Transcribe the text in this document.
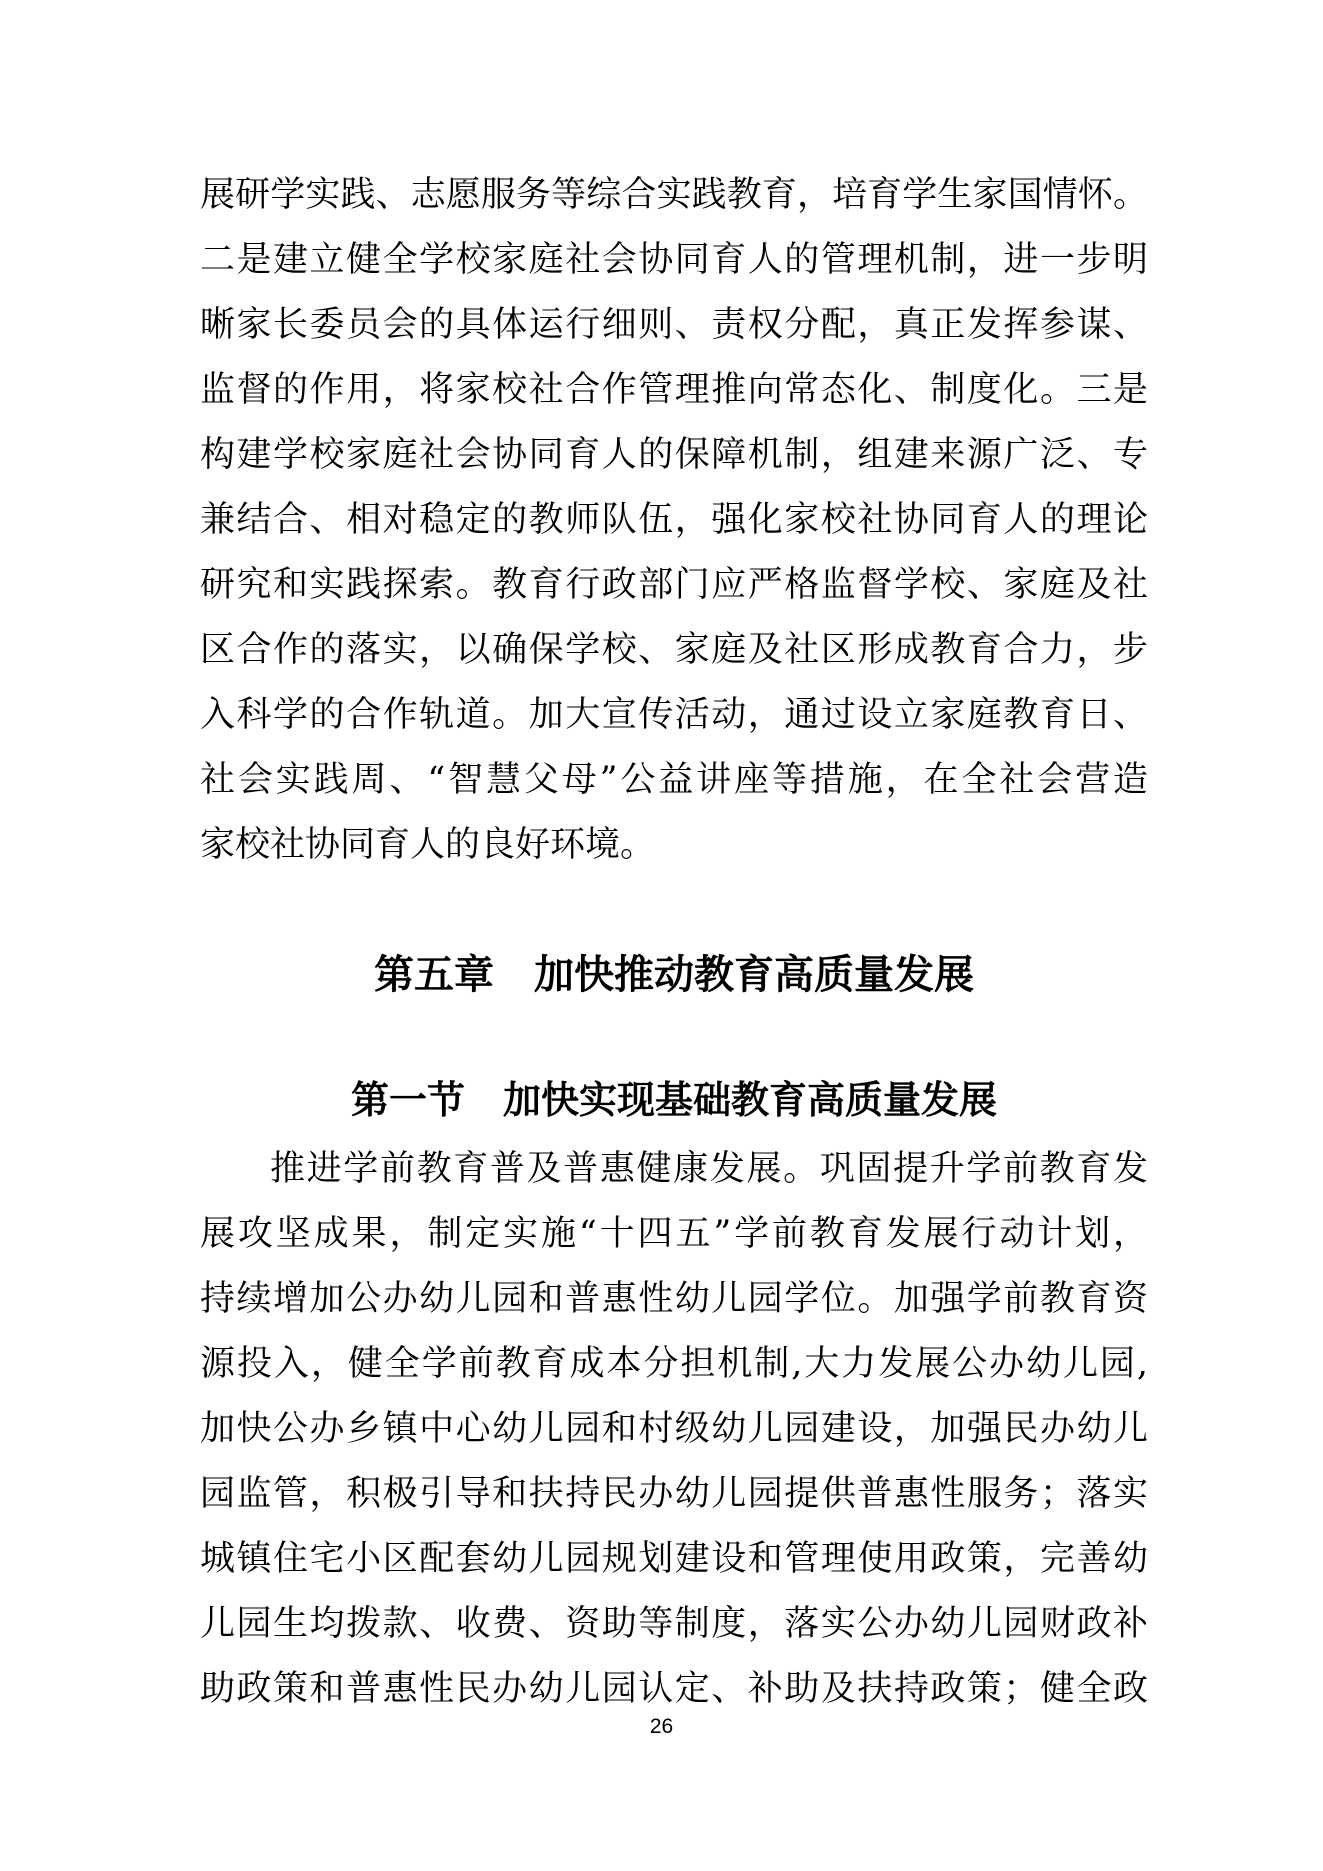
展研学实践、志愿服务等综合实践教育，培育学生家国情怀。
二是建立健全学校家庭社会协同育人的管理机制，进一步明
晰家长委员会的具体运行细则、责权分配，真正发挥参谋、
监督的作用，将家校社合作管理推向常态化、制度化。三是
构建学校家庭社会协同育人的保障机制，组建来源广泛、专
兼结合、相对稳定的教师队伍，强化家校社协同育人的理论
研究和实践探索。教育行政部门应严格监督学校、家庭及社
区合作的落实，以确保学校、家庭及社区形成教育合力，步
入科学的合作轨道。加大宣传活动，通过设立家庭教育日、
社会实践周、“智慧父母”公益讲座等措施，在全社会营造
家校社协同育人的良好环境。
第五章　加快推动教育高质量发展
第一节　加快实现基础教育高质量发展
推进学前教育普及普惠健康发展。巩固提升学前教育发
展攻坚成果，制定实施“十四五”学前教育发展行动计划，
持续增加公办幼儿园和普惠性幼儿园学位。加强学前教育资
源投入，健全学前教育成本分担机制,大力发展公办幼儿园,
加快公办乡镇中心幼儿园和村级幼儿园建设，加强民办幼儿
园监管，积极引导和扶持民办幼儿园提供普惠性服务；落实
城镇住宅小区配套幼儿园规划建设和管理使用政策，完善幼
儿园生均拨款、收费、资助等制度，落实公办幼儿园财政补
助政策和普惠性民办幼儿园认定、补助及扶持政策；健全政
26
